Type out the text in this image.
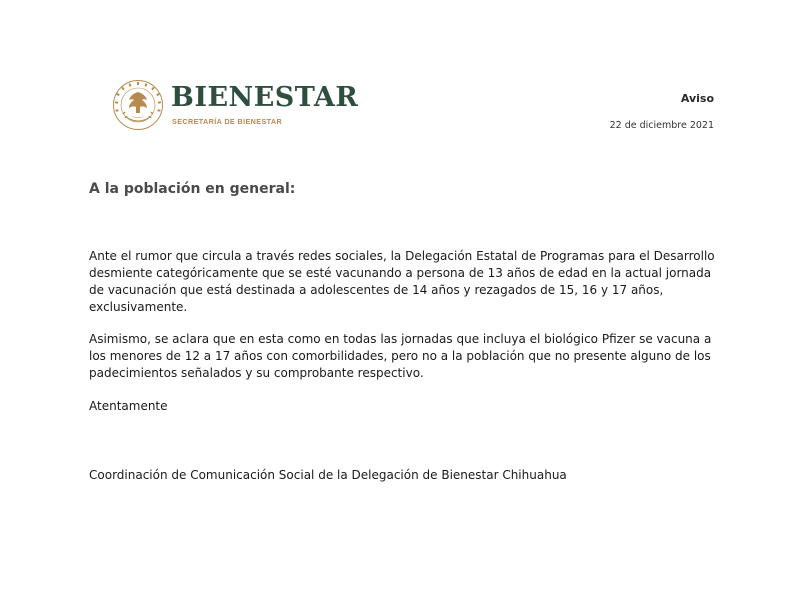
BIENESTAR
SECRETARÍA DE BIENESTAR
Aviso
22 de diciembre 2021
A la población en general:

Ante el rumor que circula a través redes sociales, la Delegación Estatal de Programas para el Desarrollo desmiente categóricamente que se esté vacunando a persona de 13 años de edad en la actual jornada de vacunación que está destinada a adolescentes de 14 años y rezagados de 15, 16 y 17 años, exclusivamente.

Asimismo, se aclara que en esta como en todas las jornadas que incluya el biológico Pfizer se vacuna a los menores de 12 a 17 años con comorbilidades, pero no a la población que no presente alguno de los padecimientos señalados y su comprobante respectivo.

Atentamente
Coordinación de Comunicación Social de la Delegación de Bienestar Chihuahua
